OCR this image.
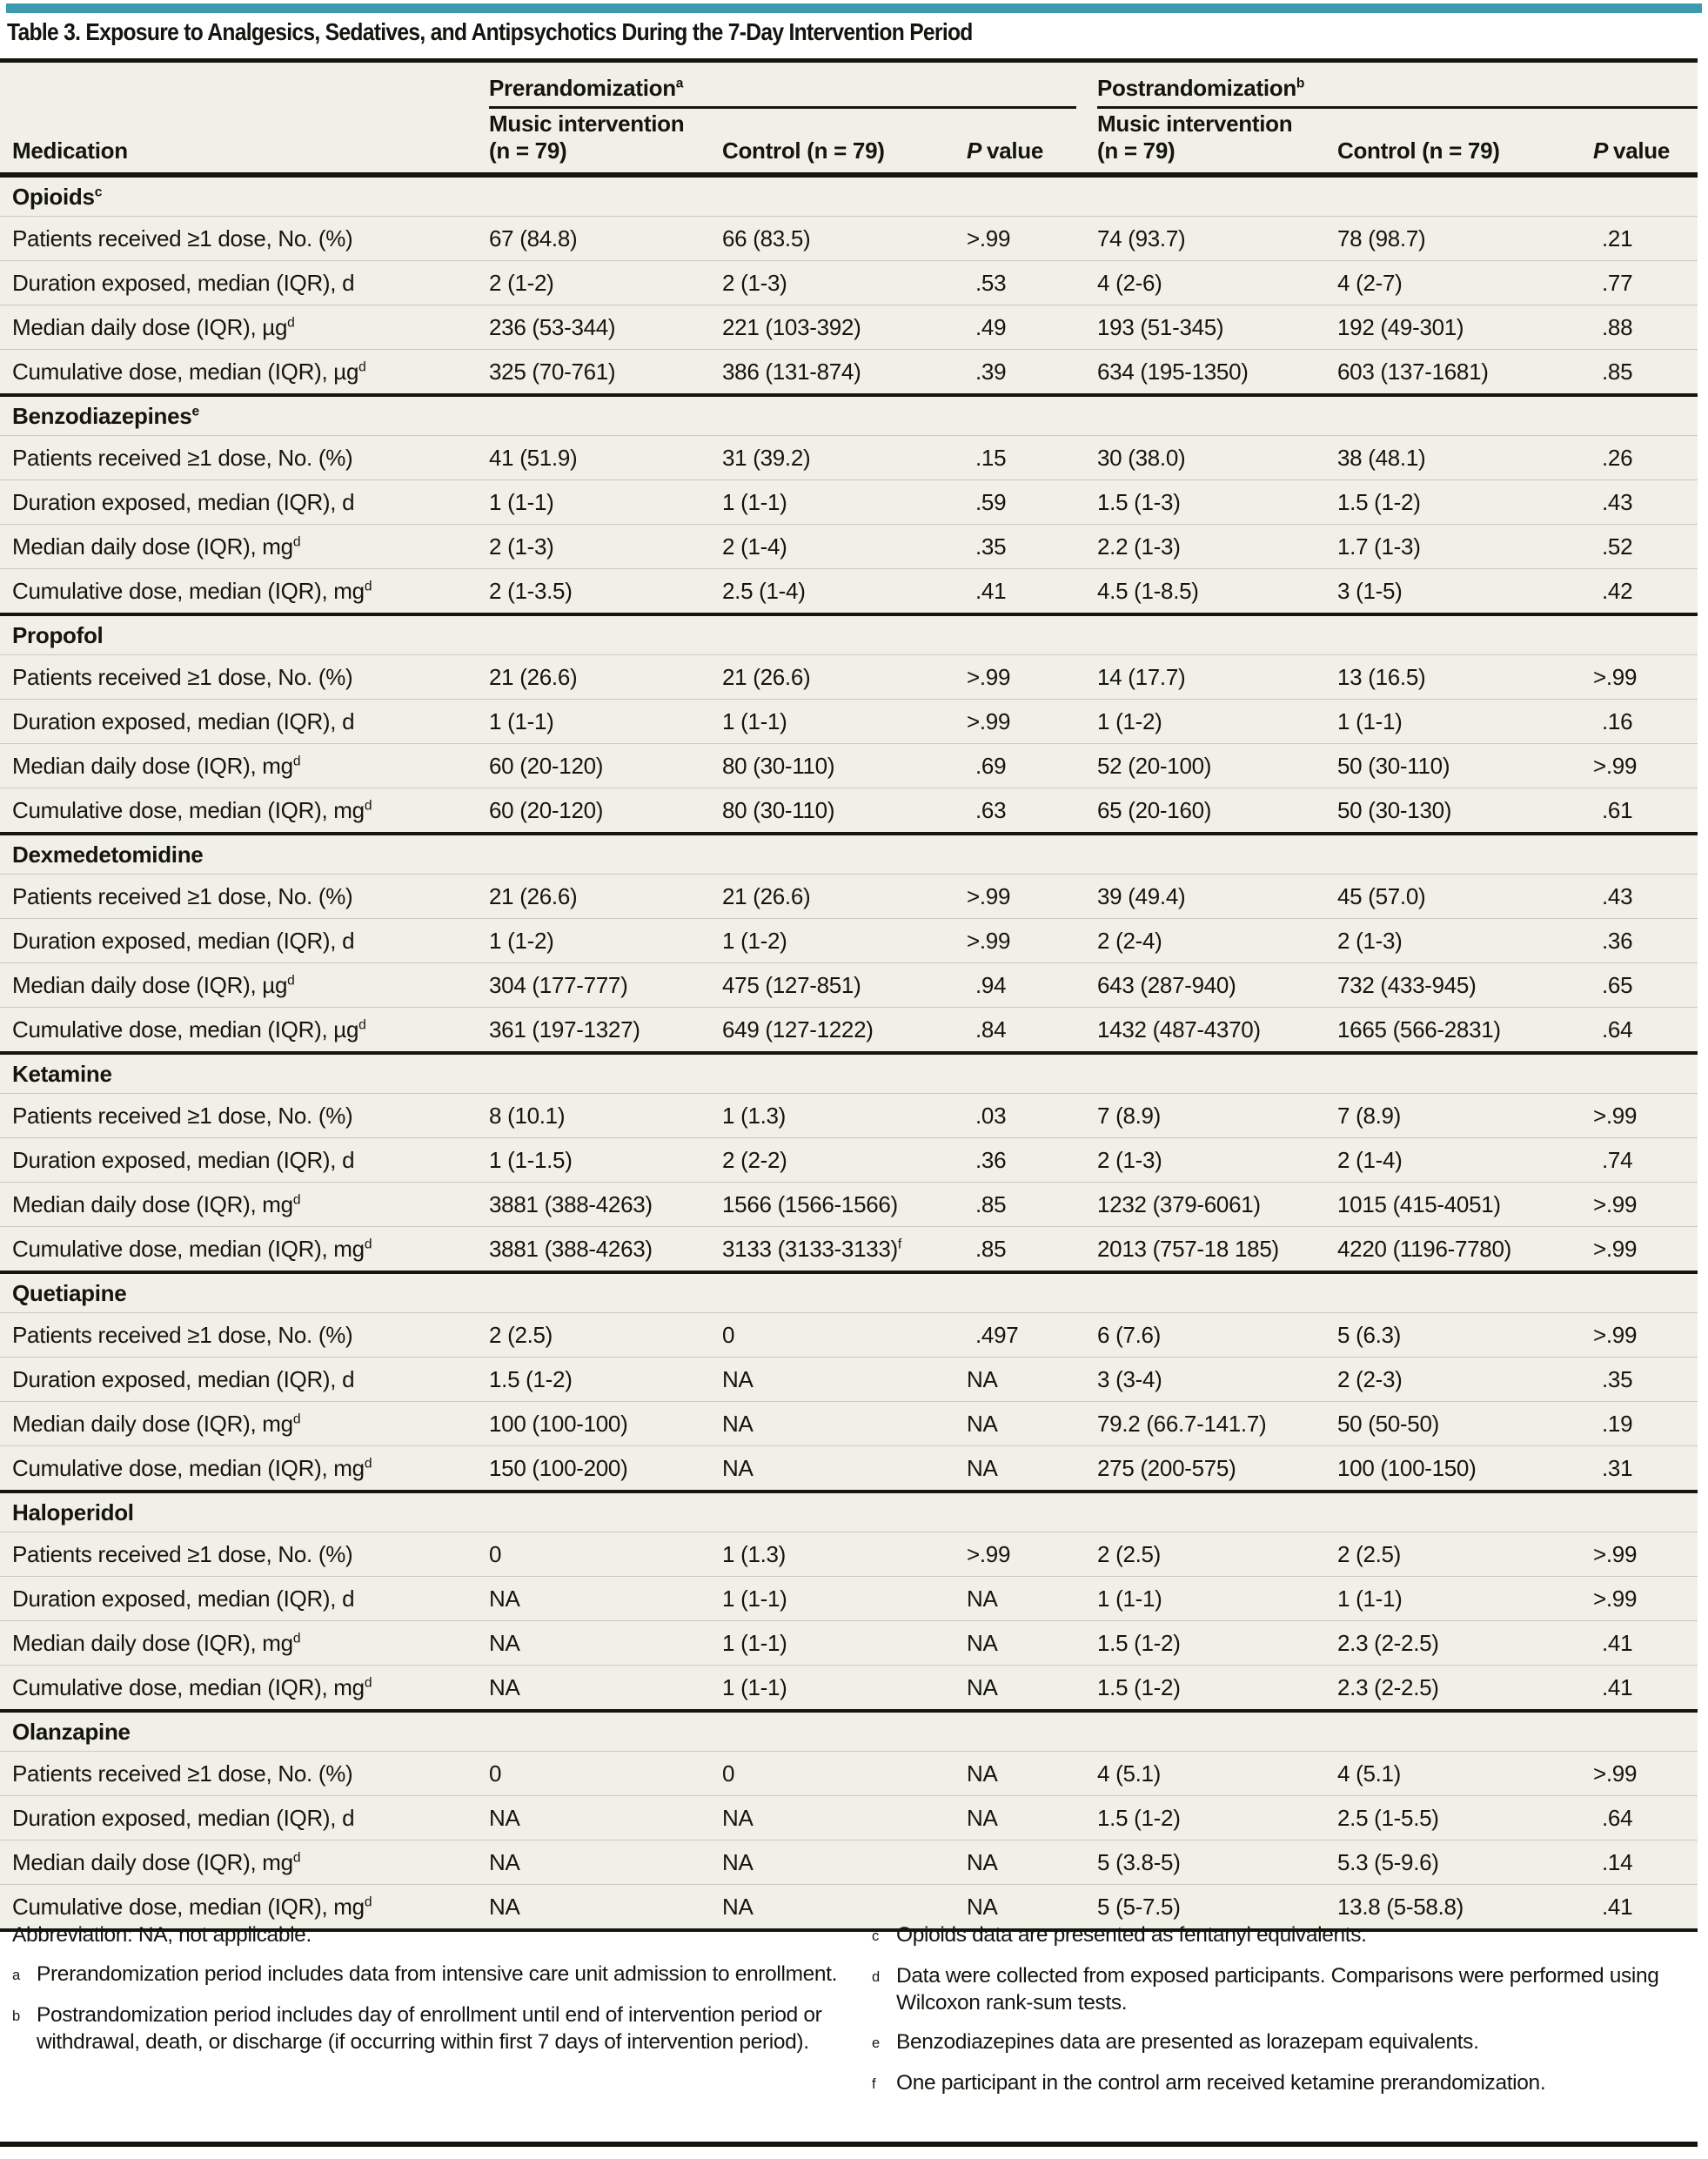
Table 3. Exposure to Analgesics, Sedatives, and Antipsychotics During the 7-Day Intervention Period
Prerandomization$^a$	Postrandomization$^b$
Medication
Music intervention
(n = 79)	Control (n = 79)	P value
Music intervention
(n = 79)	Control (n = 79)	P value
Opioids$^c$
Patients received ≥1 dose, No. (%)	67 (84.8)	66 (83.5)	>.99	74 (93.7)	78 (98.7)	.21
Duration exposed, median (IQR), d	2 (1-2)	2 (1-3)	.53	4 (2-6)	4 (2-7)	.77
Median daily dose (IQR), µg$^d$	236 (53-344)	221 (103-392)	.49	193 (51-345)	192 (49-301)	.88
Cumulative dose, median (IQR), µg$^d$	325 (70-761)	386 (131-874)	.39	634 (195-1350)	603 (137-1681)	.85
Benzodiazepines$^e$
Patients received ≥1 dose, No. (%)	41 (51.9)	31 (39.2)	.15	30 (38.0)	38 (48.1)	.26
Duration exposed, median (IQR), d	1 (1-1)	1 (1-1)	.59	1.5 (1-3)	1.5 (1-2)	.43
Median daily dose (IQR), $mg^d$	2 (1-3)	2 (1-4)	.35	2.2 (1-3)	1.7 (1-3)	.52
Cumulative dose, median (IQR), $mg^d$	2 (1-3.5)	2.5 (1-4)	.41	4.5 (1-8.5)	3 (1-5)	.42
Propofol
Patients received ≥1 dose, No. (%)	21 (26.6)	21 (26.6)	>.99	14 (17.7)	13 (16.5)	>.99
Duration exposed, median (IQR), d	1 (1-1)	1 (1-1)	>.99	1 (1-2)	1 (1-1)	.16
Median daily dose (IQR), $mg^d$	60 (20-120)	80 (30-110)	.69	52 (20-100)	50 (30-110)	>.99
Cumulative dose, median (IQR), $mg^d$	60 (20-120)	80 (30-110)	.63	65 (20-160)	50 (30-130)	.61
Dexmedetomidine
Patients received ≥1 dose, No. (%)	21 (26.6)	21 (26.6)	>.99	39 (49.4)	45 (57.0)	.43
Duration exposed, median (IQR), d	1 (1-2)	1 (1-2)	>.99	2 (2-4)	2 (1-3)	.36
Median daily dose (IQR), µg$^d$	304 (177-777)	475 (127-851)	.94	643 (287-940)	732 (433-945)	.65
Cumulative dose, median (IQR), µg$^d$	361 (197-1327)	649 (127-1222)	.84	1432 (487-4370)	1665 (566-2831)	.64
Ketamine
Patients received ≥1 dose, No. (%)	8 (10.1)	1 (1.3)	.03	7 (8.9)	7 (8.9)	>.99
Duration exposed, median (IQR), d	1 (1-1.5)	2 (2-2)	.36	2 (1-3)	2 (1-4)	.74
Median daily dose (IQR), $mg^d$	3881 (388-4263)	1566 (1566-1566)	.85	1232 (379-6061)	1015 (415-4051)	>.99
Cumulative dose, median (IQR), $mg^d$	3881 (388-4263)	3133 (3133-3133)$^f$	.85	2013 (757-18 185)	4220 (1196-7780)	>.99
Quetiapine
Patients received ≥1 dose, No. (%)	2 (2.5)	0	.497	6 (7.6)	5 (6.3)	>.99
Duration exposed, median (IQR), d	1.5 (1-2)	NA	NA	3 (3-4)	2 (2-3)	.35
Median daily dose (IQR), $mg^d$	100 (100-100)	NA	NA	79.2 (66.7-141.7)	50 (50-50)	.19
Cumulative dose, median (IQR), $mg^d$	150 (100-200)	NA	NA	275 (200-575)	100 (100-150)	.31
Haloperidol
Patients received ≥1 dose, No. (%)	0	1 (1.3)	>.99	2 (2.5)	2 (2.5)	>.99
Duration exposed, median (IQR), d	NA	1 (1-1)	NA	1 (1-1)	1 (1-1)	>.99
Median daily dose (IQR), $mg^d$	NA	1 (1-1)	NA	1.5 (1-2)	2.3 (2-2.5)	.41
Cumulative dose, median (IQR), $mg^d$	NA	1 (1-1)	NA	1.5 (1-2)	2.3 (2-2.5)	.41
Olanzapine
Patients received ≥1 dose, No. (%)	0	0	NA	4 (5.1)	4 (5.1)	>.99
Duration exposed, median (IQR), d	NA	NA	NA	1.5 (1-2)	2.5 (1-5.5)	.64
Median daily dose (IQR), $mg^d$	NA	NA	NA	5 (3.8-5)	5.3 (5-9.6)	.14
Cumulative dose, median (IQR), $mg^d$	NA	NA	NA	5 (5-7.5)	13.8 (5-58.8)	.41
Abbreviation: NA, not applicable.
a Prerandomization period includes data from intensive care unit admission to enrollment.
b Postrandomization period includes day of enrollment until end of intervention period or withdrawal, death, or discharge (if occurring within first 7 days of intervention period).
c Opioids data are presented as fentanyl equivalents.
d Data were collected from exposed participants. Comparisons were performed using Wilcoxon rank-sum tests.
e Benzodiazepines data are presented as lorazepam equivalents.
f One participant in the control arm received ketamine prerandomization.
